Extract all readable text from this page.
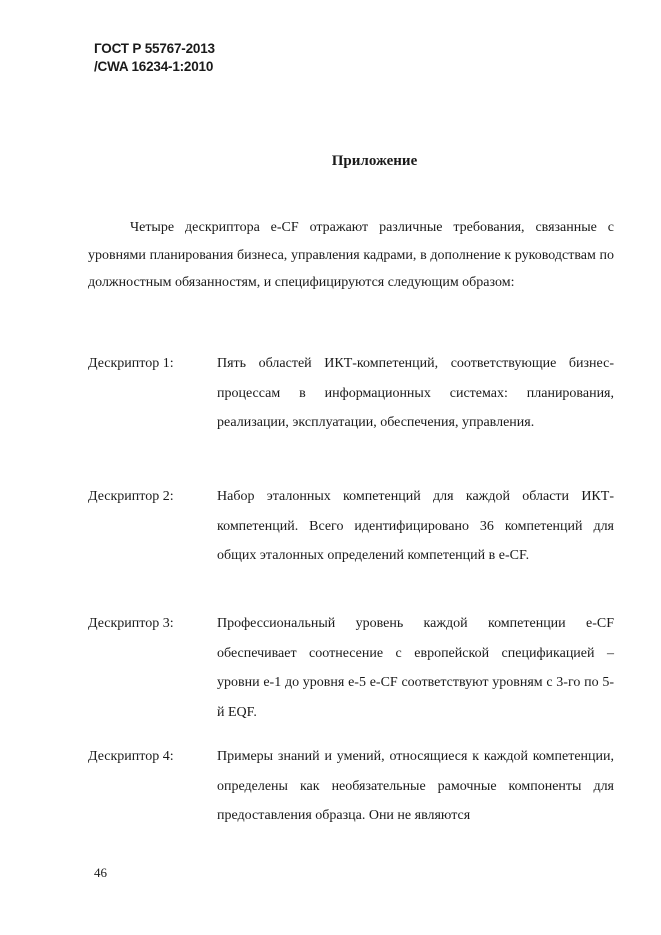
ГОСТ Р 55767-2013
/CWA 16234-1:2010
Приложение
Четыре дескриптора e-CF отражают различные требования, связанные с уровнями планирования бизнеса, управления кадрами, в дополнение к руководствам по должностным обязанностям, и специфицируются следующим образом:
Дескриптор 1:	Пять областей ИКТ-компетенций, соответствующие бизнес-процессам в информационных системах: планирования, реализации, эксплуатации, обеспечения, управления.
Дескриптор 2:	Набор эталонных компетенций для каждой области ИКТ-компетенций. Всего идентифицировано 36 компетенций для общих эталонных определений компетенций в e-CF.
Дескриптор 3:	Профессиональный уровень каждой компетенции e-CF обеспечивает соотнесение с европейской спецификацией – уровни e-1 до уровня e-5 e-CF соответствуют уровням с 3-го по 5-й EQF.
Дескриптор 4:	Примеры знаний и умений, относящиеся к каждой компетенции, определены как необязательные рамочные компоненты для предоставления образца. Они не являются
46
